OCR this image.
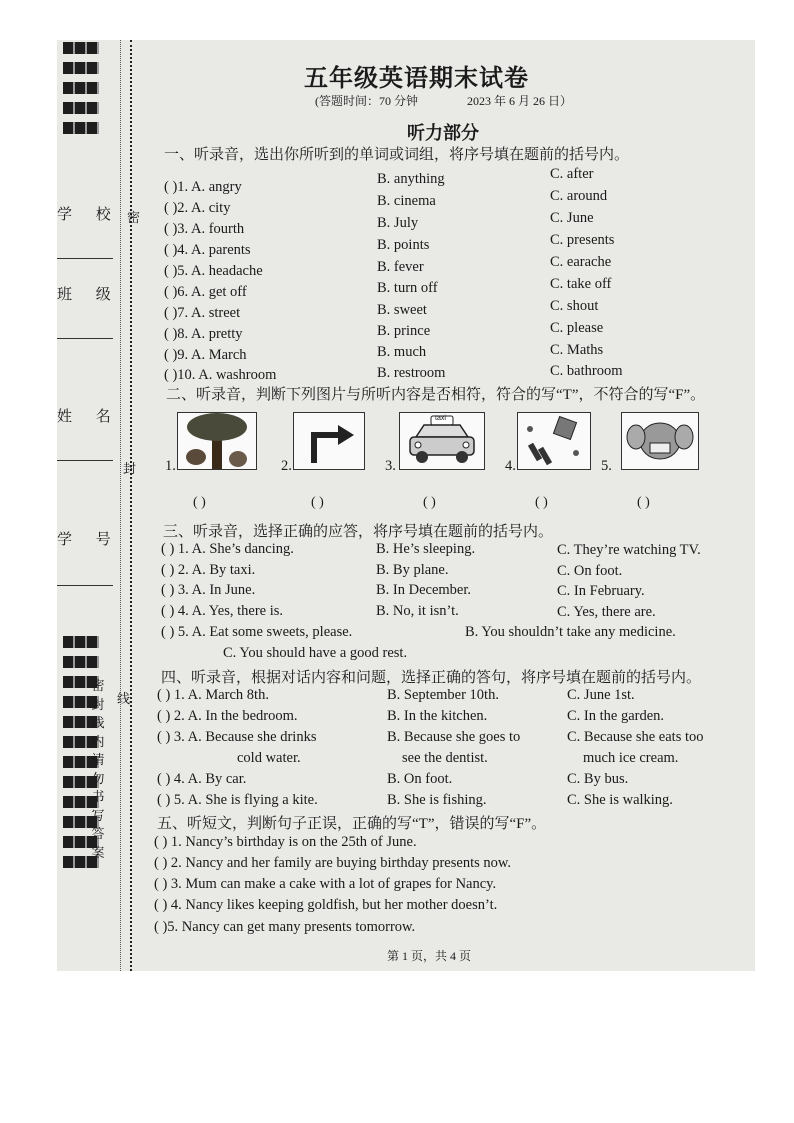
学 校
班 级
姓 名
学 号
密
封
线
密
封
线
内
请
勿
书
写
答
案
五年级英语期末试卷
(答题时间：70 分钟	2023 年 6 月 26 日）
听力部分
一、听录音，选出你所听到的单词或词组，将序号填在题前的括号内。
( )1. A. angry	B. anything	C. after
( )2. A. city	B. cinema	C. around
( )3. A. fourth	B. July	C. June
( )4. A. parents	B. points	C. presents
( )5. A. headache	B. fever	C. earache
( )6. A. get off	B. turn off	C. take off
( )7. A. street	B. sweet	C. shout
( )8. A. pretty	B. prince	C. please
( )9. A. March	B. much	C. Maths
( )10. A. washroom	B. restroom	C. bathroom
二、听录音，判断下列图片与所听内容是否相符，符合的写“T”，不符合的写“F”。
1.	2.	3.
taxi
4.	5.
( )	( )	( )	( )	( )
三、听录音，选择正确的应答，将序号填在题前的括号内。
( ) 1. A. She’s dancing.	B. He’s sleeping.	C. They’re watching TV.
( ) 2. A. By taxi.	B. By plane.	C. On foot.
( ) 3. A. In June.	B. In December.	C. In February.
( ) 4. A. Yes, there is.	B. No, it isn’t.	C. Yes, there are.
( ) 5. A. Eat some sweets, please.	B. You shouldn’t take any medicine.
C. You should have a good rest.
四、听录音，根据对话内容和问题，选择正确的答句，将序号填在题前的括号内。
( ) 1. A. March 8th.	B. September 10th.	C. June 1st.
( ) 2. A. In the bedroom.	B. In the kitchen.	C. In the garden.
( ) 3. A. Because she drinks	B. Because she goes to	C. Because she eats too
cold water.	see the dentist.	much ice cream.
( ) 4. A. By car.	B. On foot.	C. By bus.
( ) 5. A. She is flying a kite.	B. She is fishing.	C. She is walking.
五、听短文，判断句子正误，正确的写“T”，错误的写“F”。
( ) 1. Nancy’s birthday is on the 25th of June.
( ) 2. Nancy and her family are buying birthday presents now.
( ) 3. Mum can make a cake with a lot of grapes for Nancy.
( ) 4. Nancy likes keeping goldfish, but her mother doesn’t.
( )5. Nancy can get many presents tomorrow.
第 1 页，共 4 页
